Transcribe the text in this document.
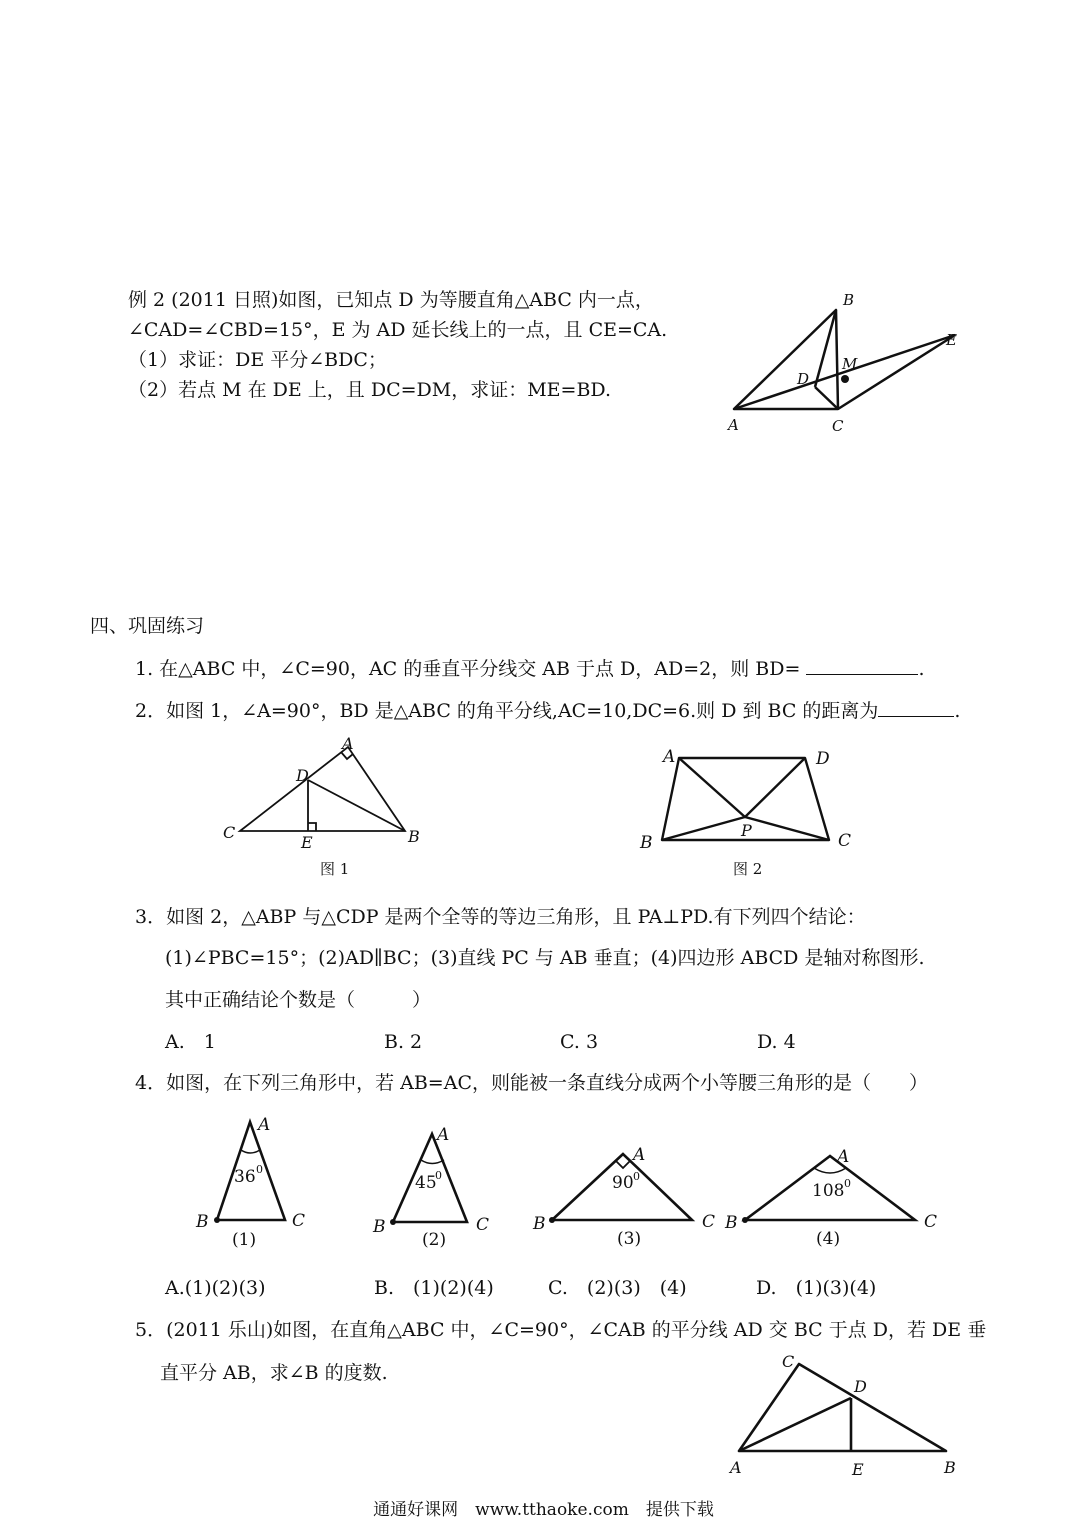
例 2 (2011 日照)如图，已知点 D 为等腰直角△ABC 内一点，
∠CAD=∠CBD=15°，E 为 AD 延长线上的一点，且 CE=CA.
（1）求证：DE 平分∠BDC；
（2）若点 M 在 DE 上，且 DC=DM，求证：ME=BD.
B
E
M
D
A	C
四、巩固练习
1. 在△ABC 中，∠C=90，AC 的垂直平分线交 AB 于点 D，AD=2，则 BD=	.
2．如图 1，∠A=90°，BD 是△ABC 的角平分线,AC=10,DC=6.则 D 到 BC 的距离为	.
A
D
C
E	B
图 1
A	D
P
B	C
图 2
3．如图 2，△ABP 与△CDP 是两个全等的等边三角形，且 PA⊥PD.有下列四个结论：
(1)∠PBC=15°；(2)AD∥BC；(3)直线 PC 与 AB 垂直；(4)四边形 ABCD 是轴对称图形.
其中正确结论个数是（　　　）
A.　1	B. 2	C. 3	D. 4
4．如图，在下列三角形中，若 AB=AC，则能被一条直线分成两个小等腰三角形的是（　　）
A
B	C
36 0
(1)
A
B	C
45
0
(2)
A
B	C
90 0
(3)
A
B	C
108 0
(4)
A.(1)(2)(3)	B.　(1)(2)(4)	C.　(2)(3)　(4)	D.　(1)(3)(4)
5．(2011 乐山)如图，在直角△ABC 中，∠C=90°，∠CAB 的平分线 AD 交 BC 于点 D，若 DE 垂
直平分 AB，求∠B 的度数.
C
D
A	E	B
通通好课网　www.tthaoke.com　提供下载
